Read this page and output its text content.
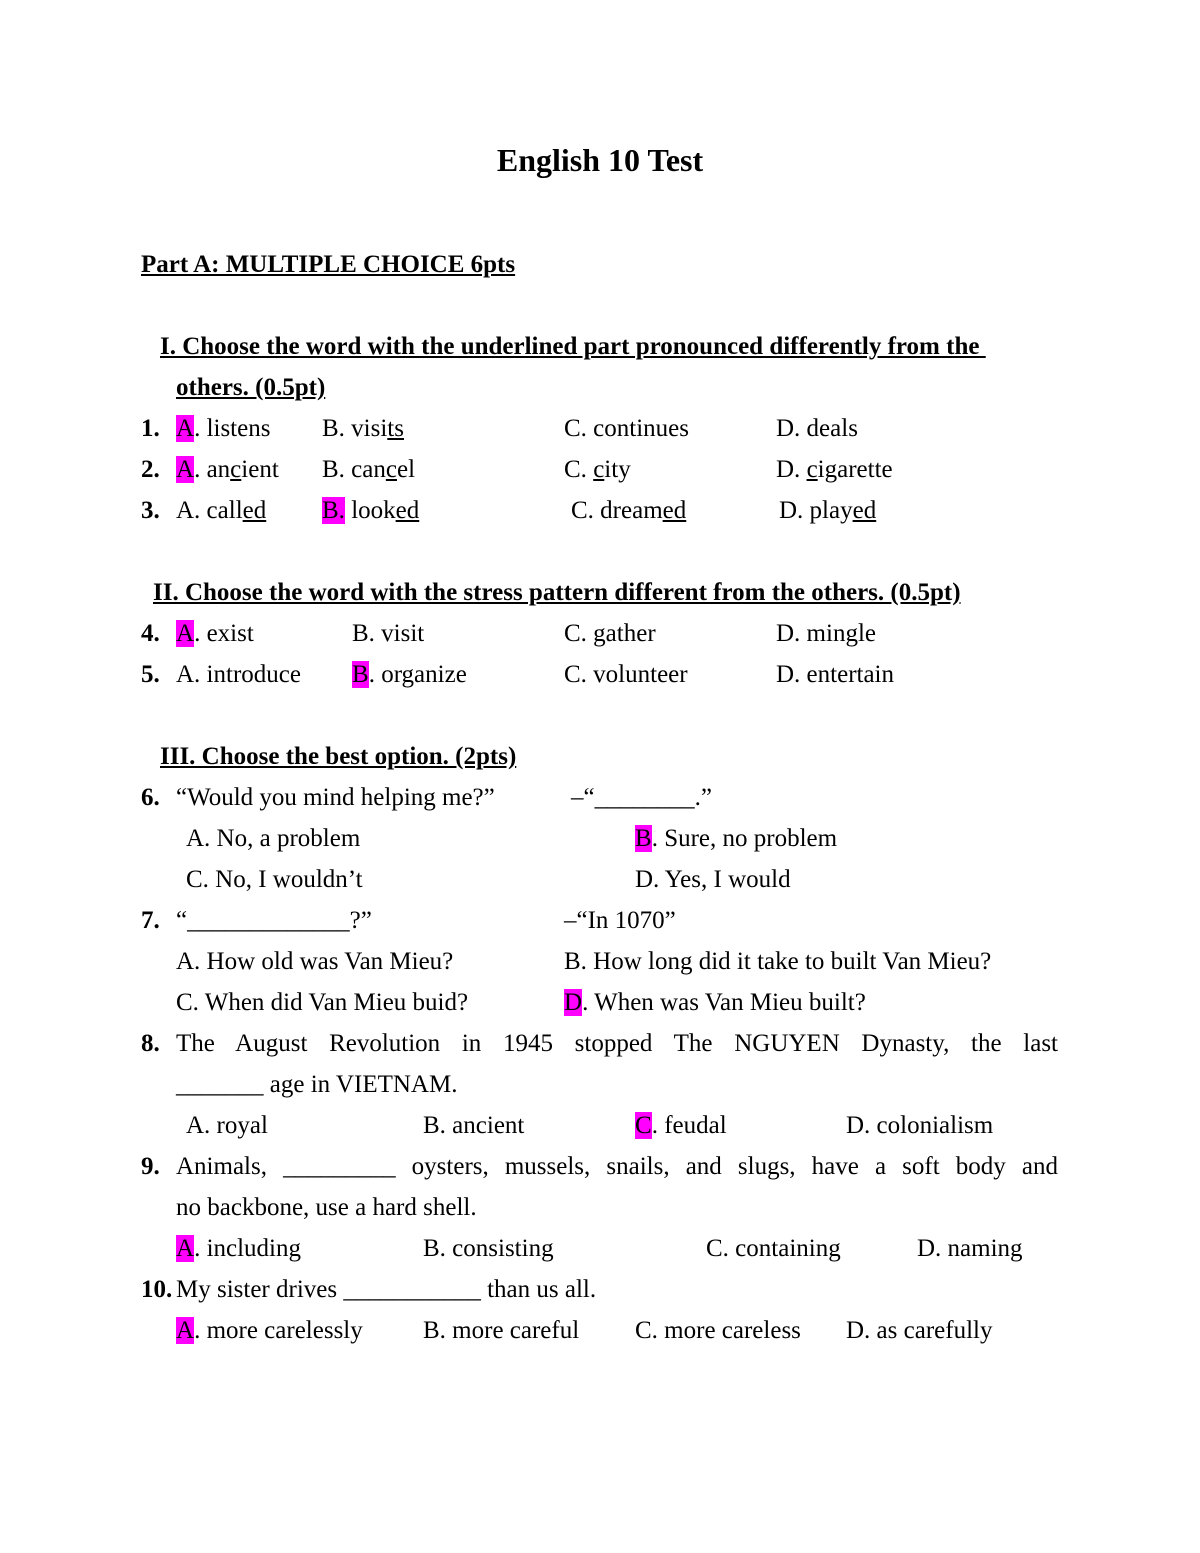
English 10 Test
Part A: MULTIPLE CHOICE 6pts
I. Choose the word with the underlined part pronounced differently from the
others. (0.5pt)
1. A. listens B. visits	C. continues	D. deals
2. A. ancient B. cancel	C. city	D. cigarette
3. A. called B. looked	C. dreamed	D. played
II. Choose the word with the stress pattern different from the others. (0.5pt)
4. A. exist	B. visit	C. gather	D. mingle
5. A. introduce B. organize	C. volunteer	D. entertain
III. Choose the best option. (2pts)
6. “Would you mind helping me?”	–“________.”
A. No, a problem	B. Sure, no problem
C. No, I wouldn’t	D. Yes, I would
7. “_____________?”	–“In 1070”
A. How old was Van Mieu?	B. How long did it take to built Van Mieu?
C. When did Van Mieu buid?	D. When was Van Mieu built?
8. The August Revolution in 1945 stopped The NGUYEN Dynasty, the last
_______ age in VIETNAM.
A. royal	B. ancient	C. feudal	D. colonialism
9. Animals, _________ oysters, mussels, snails, and slugs, have a soft body and
no backbone, use a hard shell.
A. including	B. consisting	C. containing	D. naming
10. My sister drives ___________ than us all.
A. more carelessly B. more careful C. more careless D. as carefully
